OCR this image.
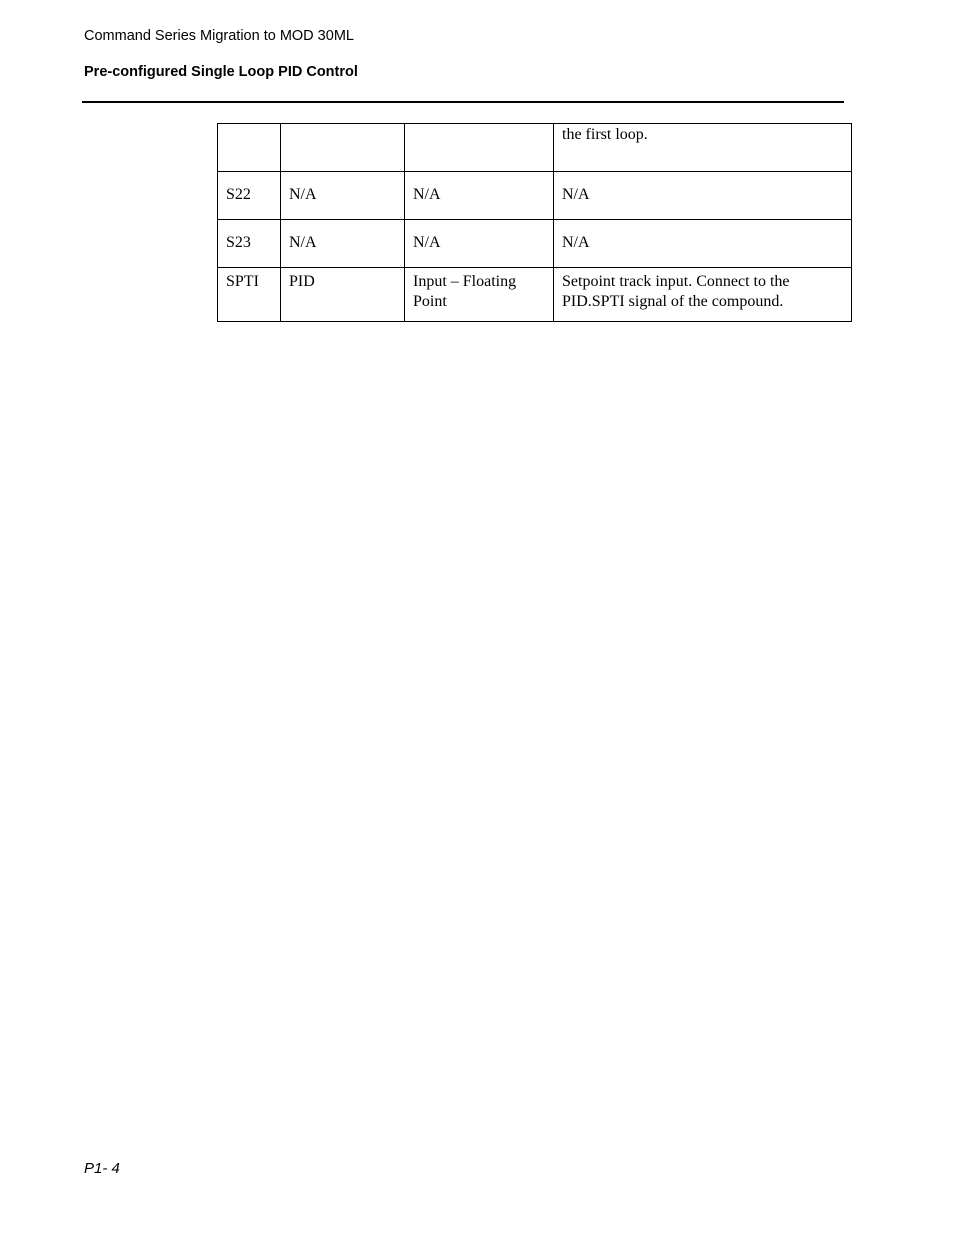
Command Series Migration to MOD 30ML
Pre-configured Single Loop PID Control
			the first loop.
S22	N/A	N/A	N/A
S23	N/A	N/A	N/A
SPTI	PID	Input – Floating Point	Setpoint track input. Connect to the PID.SPTI signal of the compound.
P1- 4
